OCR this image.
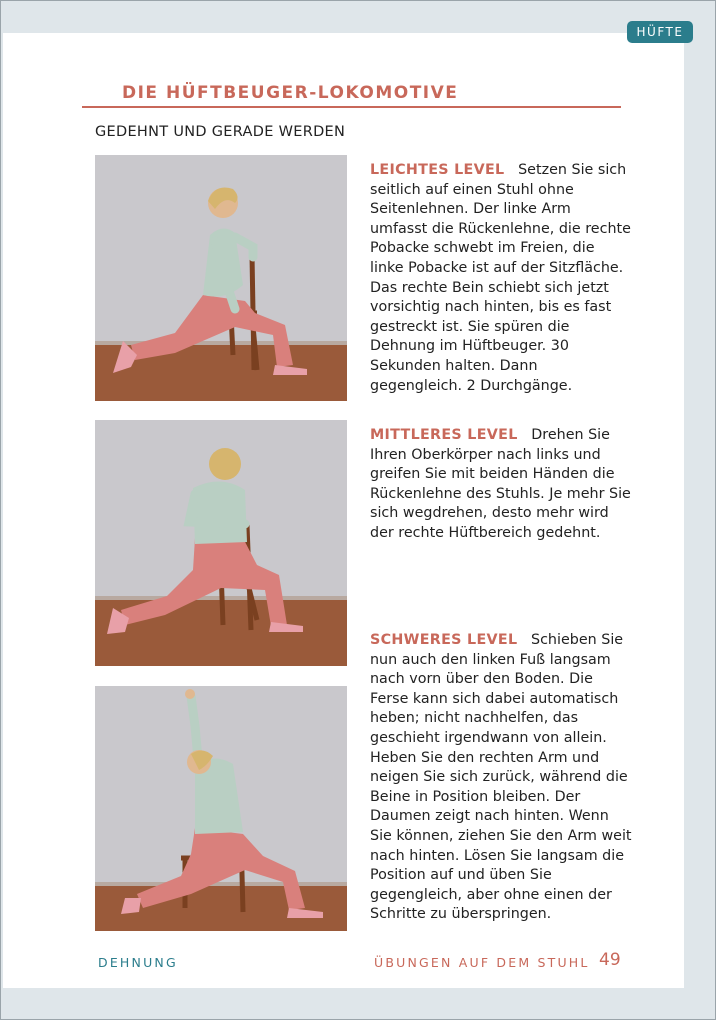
HÜFTE
DIE HÜFTBEUGER-LOKOMOTIVE
GEDEHNT UND GERADE WERDEN
LEICHTES LEVEL Setzen Sie sich seitlich auf einen Stuhl ohne Seitenlehnen. Der linke Arm umfasst die Rückenlehne, die rechte Pobacke schwebt im Freien, die linke Pobacke ist auf der Sitzfläche. Das rechte Bein schiebt sich jetzt vorsichtig nach hinten, bis es fast gestreckt ist. Sie spüren die Dehnung im Hüftbeuger. 30 Sekunden halten. Dann gegengleich. 2 Durchgänge.
MITTLERES LEVEL Drehen Sie Ihren Oberkörper nach links und greifen Sie mit beiden Händen die Rückenlehne des Stuhls. Je mehr Sie sich wegdrehen, desto mehr wird der rechte Hüftbereich gedehnt.
SCHWERES LEVEL Schieben Sie nun auch den linken Fuß langsam nach vorn über den Boden. Die Ferse kann sich dabei automatisch heben; nicht nachhelfen, das geschieht irgendwann von allein. Heben Sie den rechten Arm und neigen Sie sich zurück, während die Beine in Position bleiben. Der Daumen zeigt nach hinten. Wenn Sie können, ziehen Sie den Arm weit nach hinten. Lösen Sie langsam die Position auf und üben Sie gegengleich, aber ohne einen der Schritte zu überspringen.
DEHNUNG	ÜBUNGEN AUF DEM STUHL 49
